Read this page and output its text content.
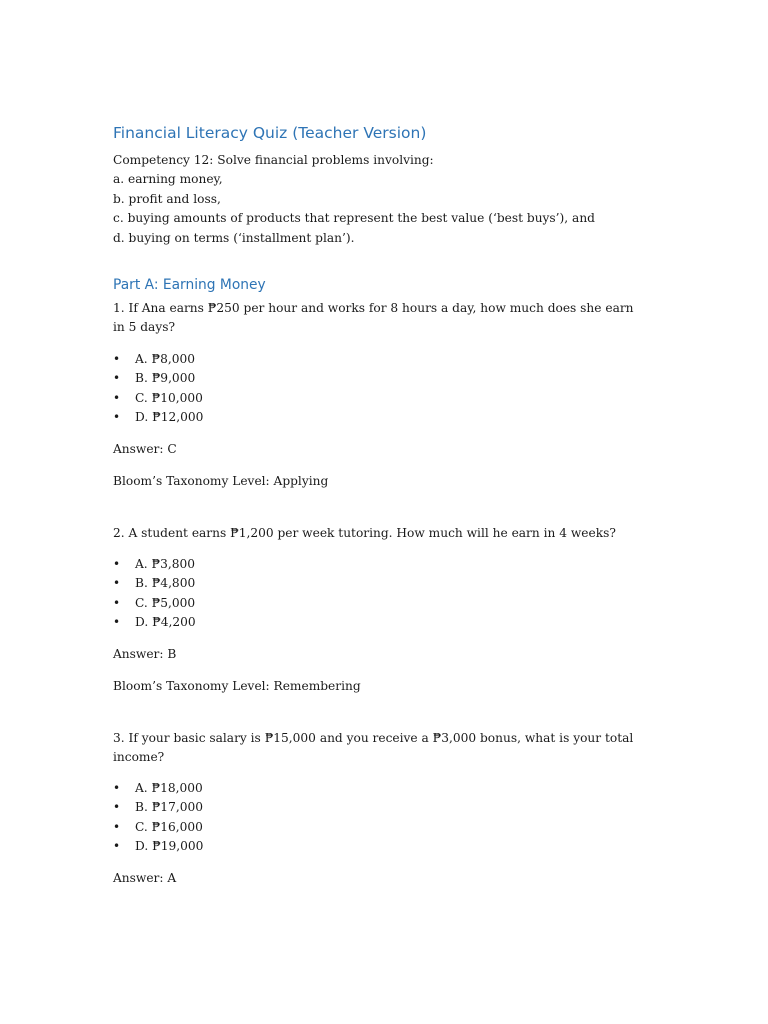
Financial Literacy Quiz (Teacher Version)
Competency 12: Solve financial problems involving:
a. earning money,
b. profit and loss,
c. buying amounts of products that represent the best value (‘best buys’), and
d. buying on terms (‘installment plan’).
Part A: Earning Money

1. If Ana earns ₱250 per hour and works for 8 hours a day, how much does she earn in 5 days?

• A. ₱8,000
• B. ₱9,000
• C. ₱10,000
• D. ₱12,000

Answer: C

Bloom’s Taxonomy Level: Applying

2. A student earns ₱1,200 per week tutoring. How much will he earn in 4 weeks?

• A. ₱3,800
• B. ₱4,800
• C. ₱5,000
• D. ₱4,200

Answer: B

Bloom’s Taxonomy Level: Remembering

3. If your basic salary is ₱15,000 and you receive a ₱3,000 bonus, what is your total income?

• A. ₱18,000
• B. ₱17,000
• C. ₱16,000
• D. ₱19,000

Answer: A
